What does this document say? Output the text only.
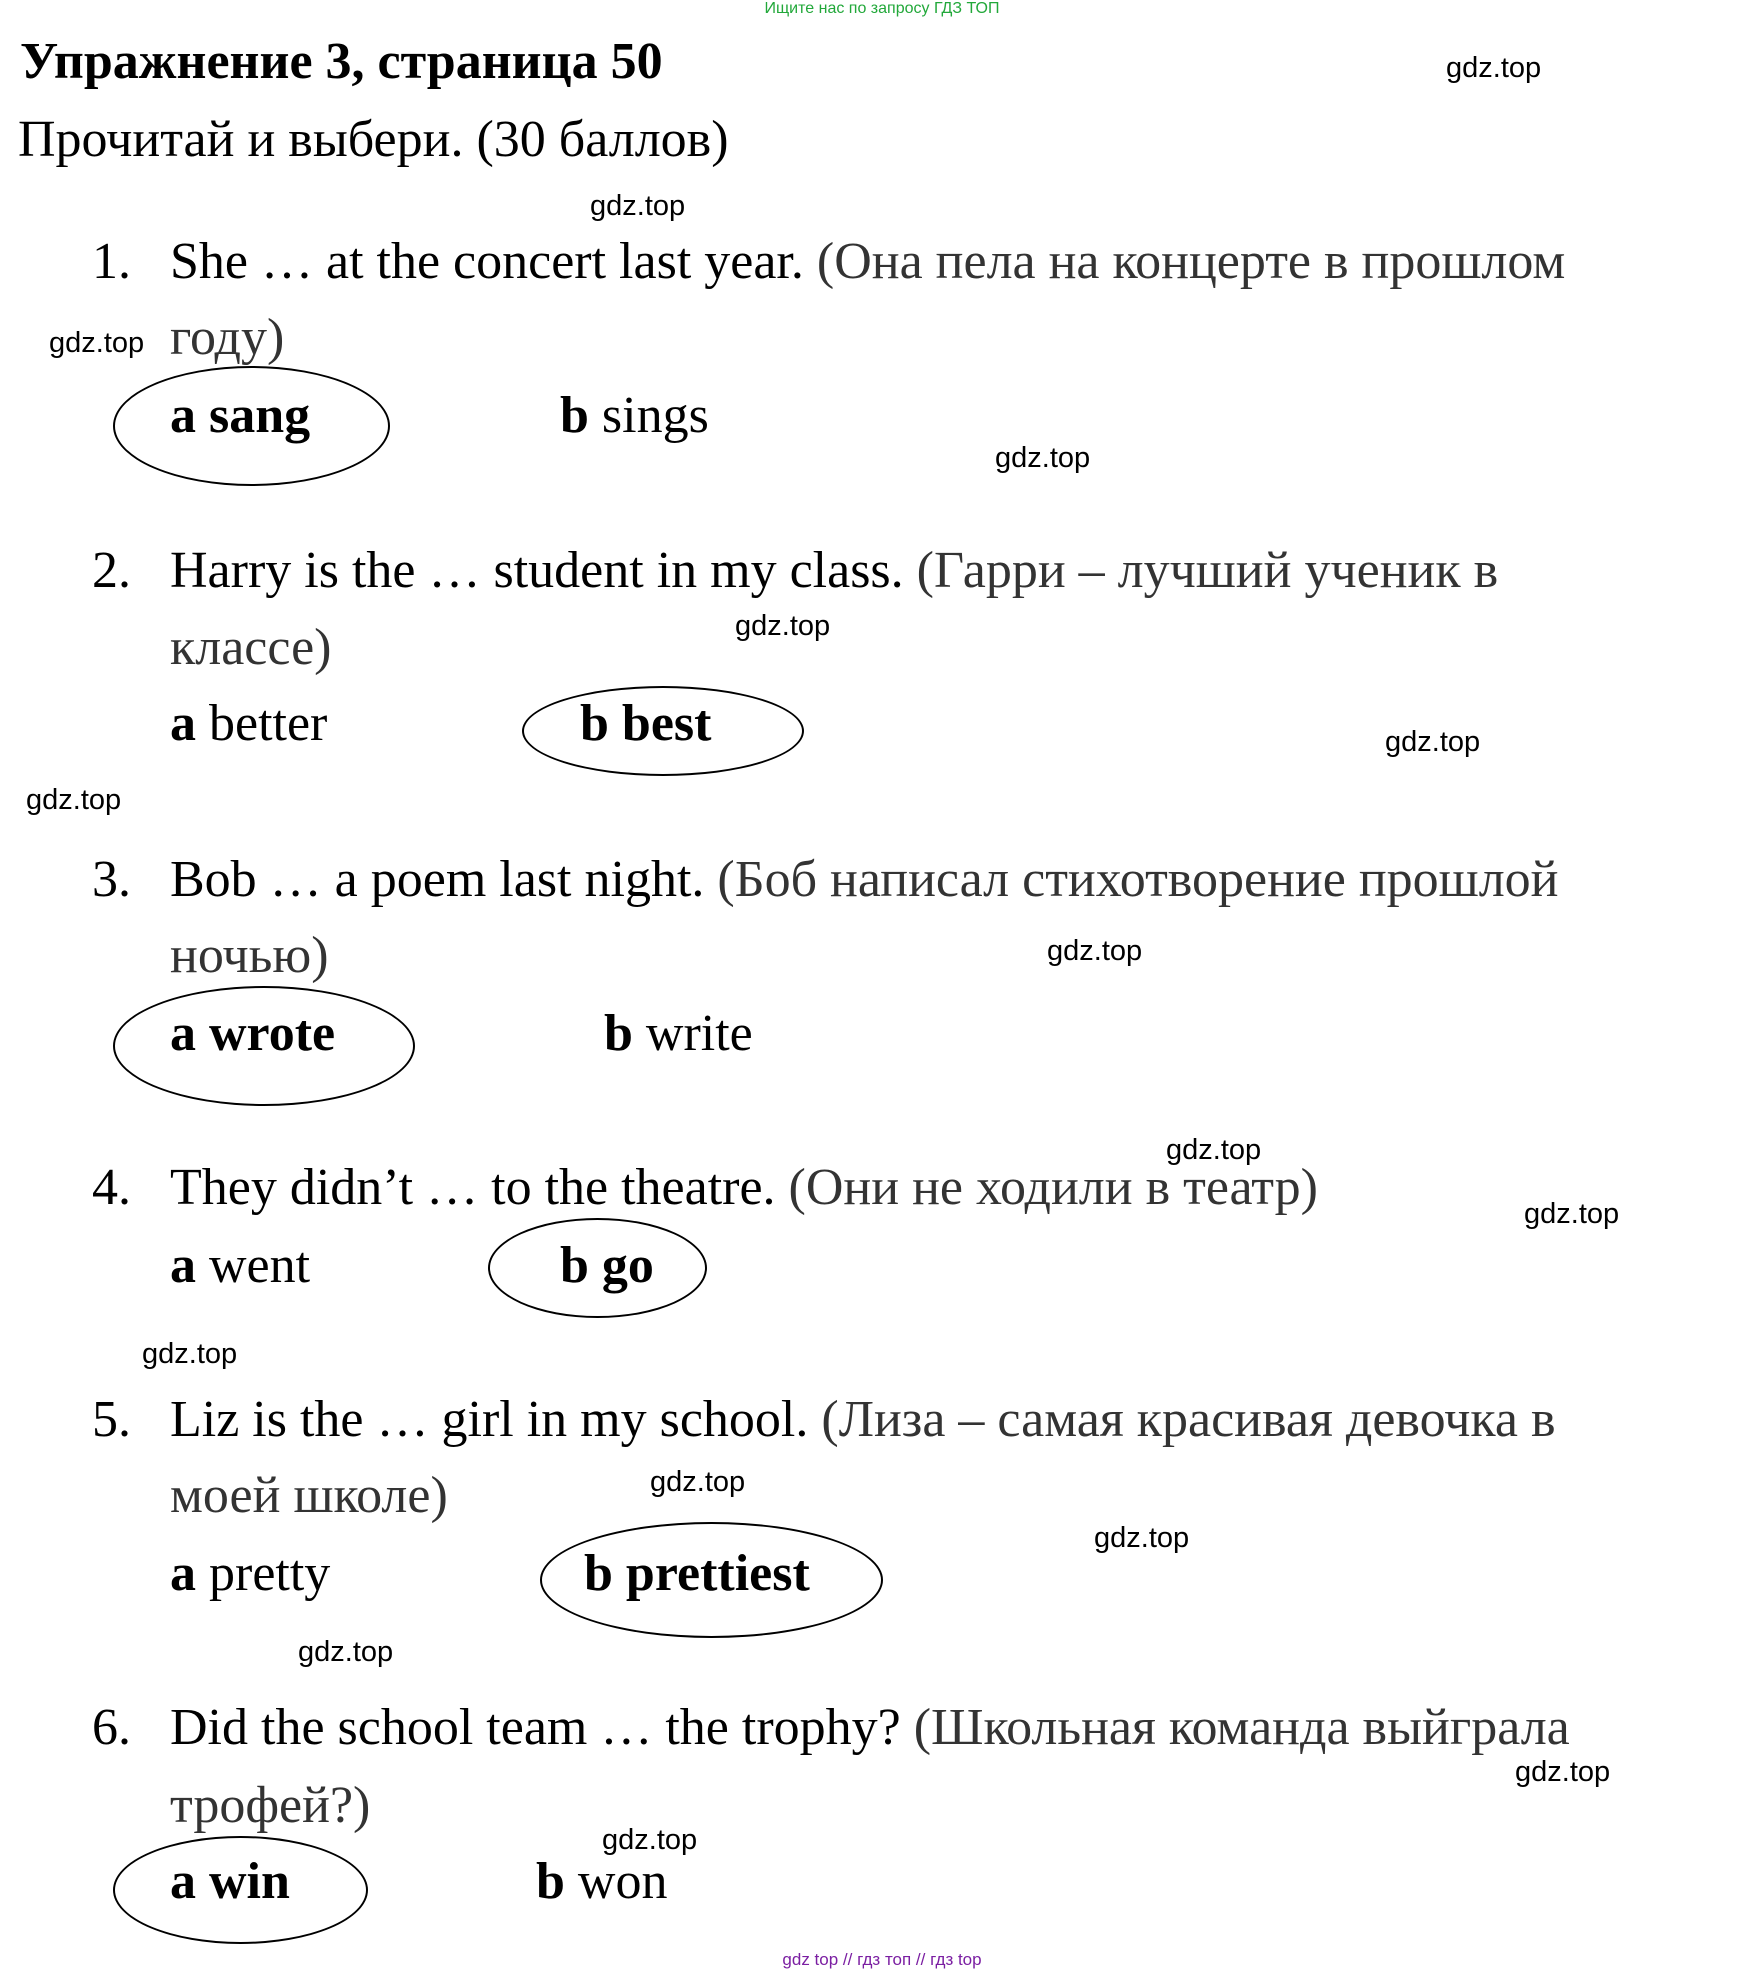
Ищите нас по запросу ГДЗ ТОП
Упражнение 3, страница 50
Прочитай и выбери. (30 баллов)
gdz.top
gdz.top
gdz.top
gdz.top
gdz.top
gdz.top
gdz.top
gdz.top
gdz.top
gdz.top
gdz.top
gdz.top
gdz.top
gdz.top
gdz.top
gdz.top
1. She … at the concert last year. (Она пела на концерте в прошлом
году)
a sang	b sings
2. Harry is the … student in my class. (Гарри – лучший ученик в
классе)
a better	b best
3. Bob … a poem last night. (Боб написал стихотворение прошлой
ночью)
a wrote	b write
4. They didn’t … to the theatre. (Они не ходили в театр)
a went	b go
5. Liz is the … girl in my school. (Лиза – самая красивая девочка в
моей школе)
a pretty	b prettiest
6. Did the school team … the trophy? (Школьная команда выйграла
трофей?)
a win	b won
gdz top // гдз топ // гдз top
